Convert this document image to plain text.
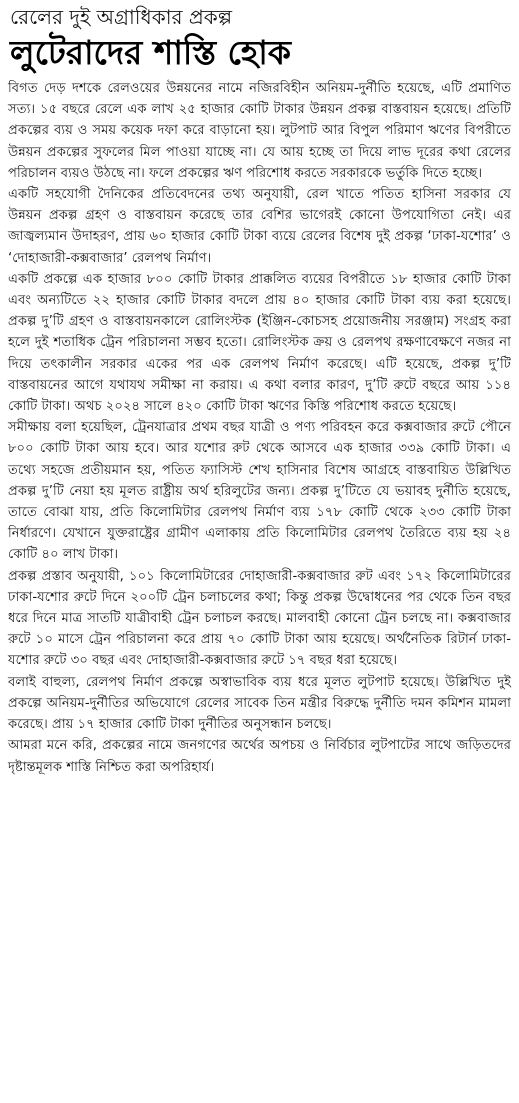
রেলের দুই অগ্রাধিকার প্রকল্প
লুটেরাদের শাস্তি হোক

বিগত দেড় দশকে রেলওয়ের উন্নয়নের নামে নজিরবিহীন অনিয়ম-দুর্নীতি হয়েছে, এটি প্রমাণিত সত্য। ১৫ বছরে রেলে এক লাখ ২৫ হাজার কোটি টাকার উন্নয়ন প্রকল্প বাস্তবায়ন হয়েছে। প্রতিটি প্রকল্পের ব্যয় ও সময় কয়েক দফা করে বাড়ানো হয়। লুটপাট আর বিপুল পরিমাণ ঋণের বিপরীতে উন্নয়ন প্রকল্পের সুফলের মিল পাওয়া যাচ্ছে না। যে আয় হচ্ছে তা দিয়ে লাভ দূরের কথা রেলের পরিচালন ব্যয়ও উঠছে না। ফলে প্রকল্পের ঋণ পরিশোধ করতে সরকারকে ভর্তুকি দিতে হচ্ছে।

একটি সহযোগী দৈনিকের প্রতিবেদনের তথ্য অনুযায়ী, রেল খাতে পতিত হাসিনা সরকার যে উন্নয়ন প্রকল্প গ্রহণ ও বাস্তবায়ন করেছে তার বেশির ভাগেরই কোনো উপযোগিতা নেই। এর জাজ্বল্যমান উদাহরণ, প্রায় ৬০ হাজার কোটি টাকা ব্যয়ে রেলের বিশেষ দুই প্রকল্প ‘ঢাকা-যশোর’ ও ‘দোহাজারী-কক্সবাজার’ রেলপথ নির্মাণ।

একটি প্রকল্পে এক হাজার ৮০০ কোটি টাকার প্রাক্কলিত ব্যয়ের বিপরীতে ১৮ হাজার কোটি টাকা এবং অন্যটিতে ২২ হাজার কোটি টাকার বদলে প্রায় ৪০ হাজার কোটি টাকা ব্যয় করা হয়েছে। প্রকল্প দু’টি গ্রহণ ও বাস্তবায়নকালে রোলিংস্টক (ইঞ্জিন-কোচসহ প্রয়োজনীয় সরঞ্জাম) সংগ্রহ করা হলে দুই শতাধিক ট্রেন পরিচালনা সম্ভব হতো। রোলিংস্টক ক্রয় ও রেলপথ রক্ষণাবেক্ষণে নজর না দিয়ে তৎকালীন সরকার একের পর এক রেলপথ নির্মাণ করেছে। এটি হয়েছে, প্রকল্প দু’টি বাস্তবায়নের আগে যথাযথ সমীক্ষা না করায়। এ কথা বলার কারণ, দু’টি রুটে বছরে আয় ১১৪ কোটি টাকা। অথচ ২০২৪ সালে ৪২০ কোটি টাকা ঋণের কিস্তি পরিশোধ করতে হয়েছে।

সমীক্ষায় বলা হয়েছিল, ট্রেনযাত্রার প্রথম বছর যাত্রী ও পণ্য পরিবহন করে কক্সবাজার রুটে পৌনে ৮০০ কোটি টাকা আয় হবে। আর যশোর রুট থেকে আসবে এক হাজার ৩৩৯ কোটি টাকা। এ তথ্যে সহজে প্রতীয়মান হয়, পতিত ফ্যাসিস্ট শেখ হাসিনার বিশেষ আগ্রহে বাস্তবায়িত উল্লিখিত প্রকল্প দু’টি নেয়া হয় মূলত রাষ্ট্রীয় অর্থ হরিলুটের জন্য। প্রকল্প দু’টিতে যে ভয়াবহ দুর্নীতি হয়েছে, তাতে বোঝা যায়, প্রতি কিলোমিটার রেলপথ নির্মাণ ব্যয় ১৭৮ কোটি থেকে ২৩৩ কোটি টাকা নির্ধারণে। যেখানে যুক্তরাষ্ট্রের গ্রামীণ এলাকায় প্রতি কিলোমিটার রেলপথ তৈরিতে ব্যয় হয় ২৪ কোটি ৪০ লাখ টাকা।

প্রকল্প প্রস্তাব অনুযায়ী, ১০১ কিলোমিটারের দোহাজারী-কক্সবাজার রুট এবং ১৭২ কিলোমিটারের ঢাকা-যশোর রুটে দিনে ২০০টি ট্রেন চলাচলের কথা; কিন্তু প্রকল্প উদ্বোধনের পর থেকে তিন বছর ধরে দিনে মাত্র সাতটি যাত্রীবাহী ট্রেন চলাচল করছে। মালবাহী কোনো ট্রেন চলছে না। কক্সবাজার রুটে ১০ মাসে ট্রেন পরিচালনা করে প্রায় ৭০ কোটি টাকা আয় হয়েছে। অর্থনৈতিক রিটার্ন ঢাকা-যশোর রুটে ৩০ বছর এবং দোহাজারী-কক্সবাজার রুটে ১৭ বছর ধরা হয়েছে।

বলাই বাহুল্য, রেলপথ নির্মাণ প্রকল্পে অস্বাভাবিক ব্যয় ধরে মূলত লুটপাট হয়েছে। উল্লিখিত দুই প্রকল্পে অনিয়ম-দুর্নীতির অভিযোগে রেলের সাবেক তিন মন্ত্রীর বিরুদ্ধে দুর্নীতি দমন কমিশন মামলা করেছে। প্রায় ১৭ হাজার কোটি টাকা দুর্নীতির অনুসন্ধান চলছে।

আমরা মনে করি, প্রকল্পের নামে জনগণের অর্থের অপচয় ও নির্বিচার লুটপাটের সাথে জড়িতদের দৃষ্টান্তমূলক শাস্তি নিশ্চিত করা অপরিহার্য।
